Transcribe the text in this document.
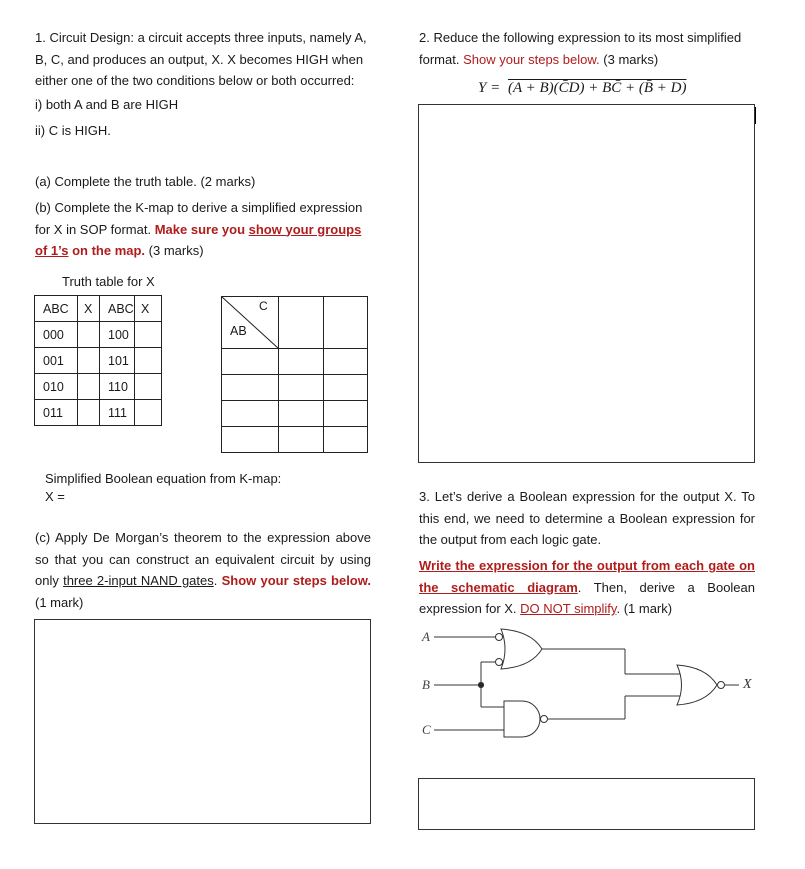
1. Circuit Design: a circuit accepts three inputs, namely A, B, C, and produces an output, X. X becomes HIGH when either one of the two conditions below or both occurred:
i) both A and B are HIGH
ii) C is HIGH.
(a) Complete the truth table. (2 marks)
(b) Complete the K-map to derive a simplified expression for X in SOP format. Make sure you show your groups of 1’s on the map. (3 marks)
Truth table for X
ABC	X	ABC	X
000		100	
001		101	
010		110	
011		111	
C
AB
Simplified Boolean equation from K-map:
X =
(c) Apply De Morgan’s theorem to the expression above so that you can construct an equivalent circuit by using only three 2-input NAND gates. Show your steps below. (1 mark)
2. Reduce the following expression to its most simplified format. Show your steps below. (3 marks)
Y = (A + B)(C̄D) + BC̄ + (B̄ + D)
3. Let’s derive a Boolean expression for the output X. To this end, we need to determine a Boolean expression for the output from each logic gate.
Write the expression for the output from each gate on the schematic diagram. Then, derive a Boolean expression for X. DO NOT simplify. (1 mark)
A
B
C
X
